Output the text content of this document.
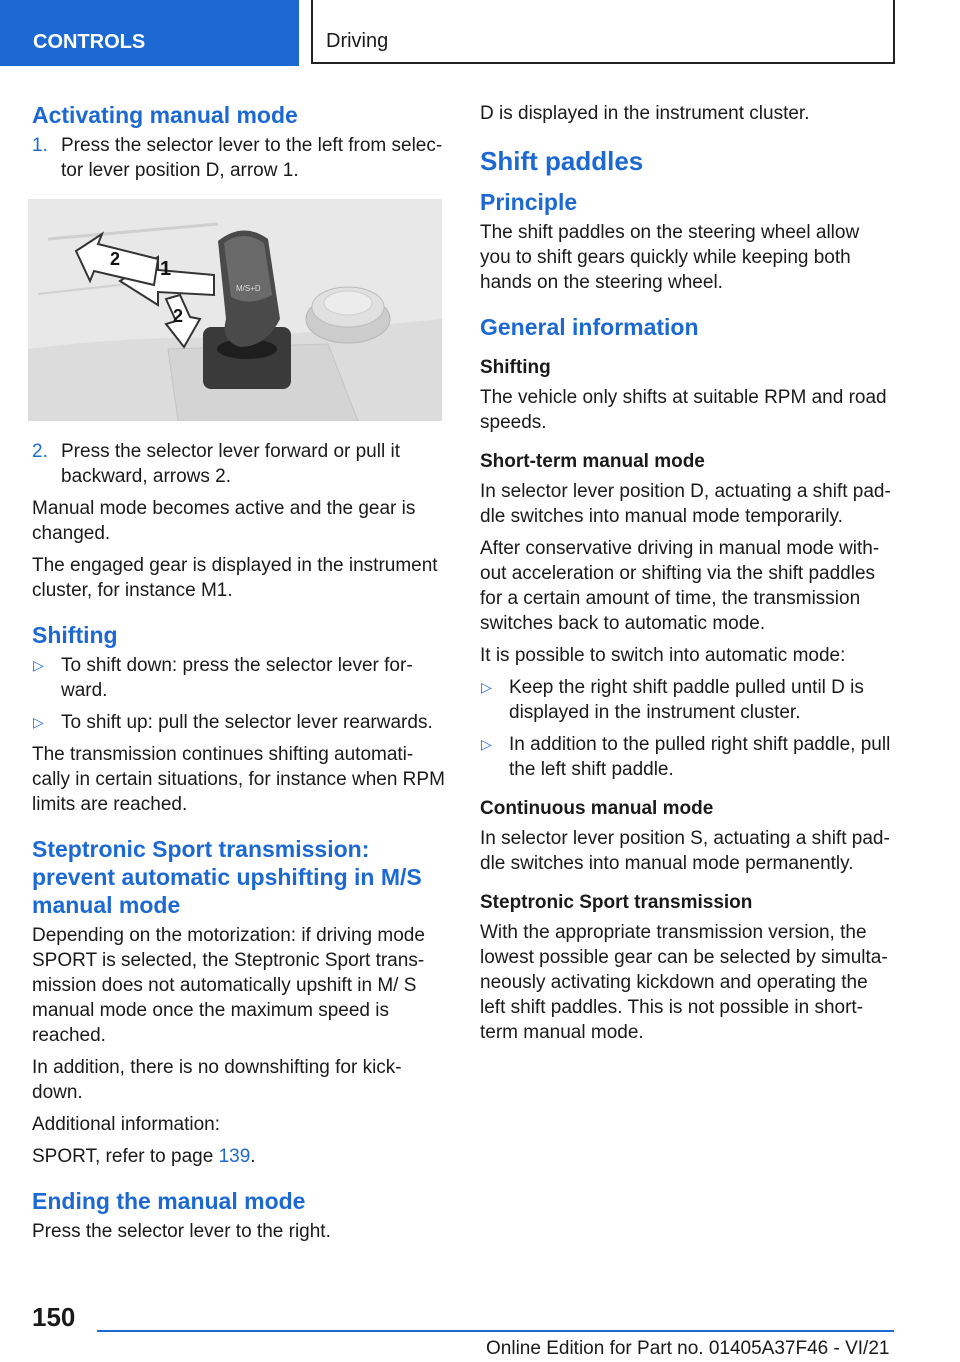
CONTROLS	Driving
Activating manual mode
1. Press the selector lever to the left from selec‐tor lever position D, arrow 1.
M/S+D
1
2
2
2. Press the selector lever forward or pull it backward, arrows 2.

Manual mode becomes active and the gear is changed.

The engaged gear is displayed in the instrument cluster, for instance M1.

Shifting
▷ To shift down: press the selector lever for‐ward.
▷ To shift up: pull the selector lever rearwards.

The transmission continues shifting automati‐cally in certain situations, for instance when RPM limits are reached.

Steptronic Sport transmission: prevent automatic upshifting in M/S manual mode

Depending on the motorization: if driving mode SPORT is selected, the Steptronic Sport trans‐mission does not automatically upshift in M/ S manual mode once the maximum speed is reached.

In addition, there is no downshifting for kick‐down.

Additional information:

SPORT, refer to page 139.

Ending the manual mode

Press the selector lever to the right.

D is displayed in the instrument cluster.

Shift paddles
Principle

The shift paddles on the steering wheel allow you to shift gears quickly while keeping both hands on the steering wheel.

General information
Shifting

The vehicle only shifts at suitable RPM and road speeds.

Short-term manual mode

In selector lever position D, actuating a shift pad‐dle switches into manual mode temporarily.

After conservative driving in manual mode with‐out acceleration or shifting via the shift paddles for a certain amount of time, the transmission switches back to automatic mode.

It is possible to switch into automatic mode:

▷ Keep the right shift paddle pulled until D is displayed in the instrument cluster.
▷ In addition to the pulled right shift paddle, pull the left shift paddle.
Continuous manual mode

In selector lever position S, actuating a shift pad‐dle switches into manual mode permanently.

Steptronic Sport transmission

With the appropriate transmission version, the lowest possible gear can be selected by simulta‐neously activating kickdown and operating the left shift paddles. This is not possible in short-term manual mode.

150
Online Edition for Part no. 01405A37F46 - VI/21
